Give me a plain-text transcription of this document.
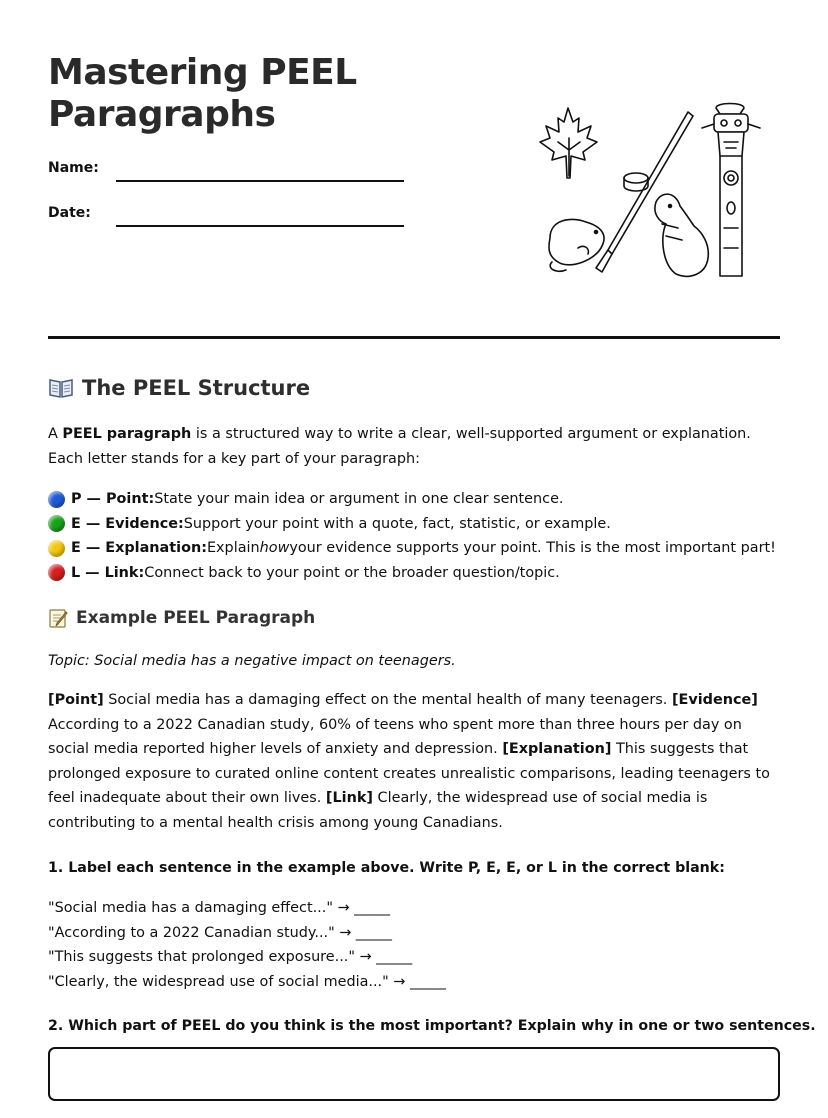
Mastering PEEL
Paragraphs
Name:
Date:
The PEEL Structure

A PEEL paragraph is a structured way to write a clear, well-supported argument or explanation. Each letter stands for a key part of your paragraph:

P — Point: State your main idea or argument in one clear sentence.
E — Evidence: Support your point with a quote, fact, statistic, or example.
E — Explanation: Explain how your evidence supports your point. This is the most important part!
L — Link: Connect back to your point or the broader question/topic.
Example PEEL Paragraph

Topic: Social media has a negative impact on teenagers.

[Point] Social media has a damaging effect on the mental health of many teenagers. [Evidence] According to a 2022 Canadian study, 60% of teens who spent more than three hours per day on social media reported higher levels of anxiety and depression. [Explanation] This suggests that prolonged exposure to curated online content creates unrealistic comparisons, leading teenagers to feel inadequate about their own lives. [Link] Clearly, the widespread use of social media is contributing to a mental health crisis among young Canadians.

1. Label each sentence in the example above. Write P, E, E, or L in the correct blank:

"Social media has a damaging effect..." → _____
"According to a 2022 Canadian study..." → _____
"This suggests that prolonged exposure..." → _____
"Clearly, the widespread use of social media..." → _____

2. Which part of PEEL do you think is the most important? Explain why in one or two sentences.
